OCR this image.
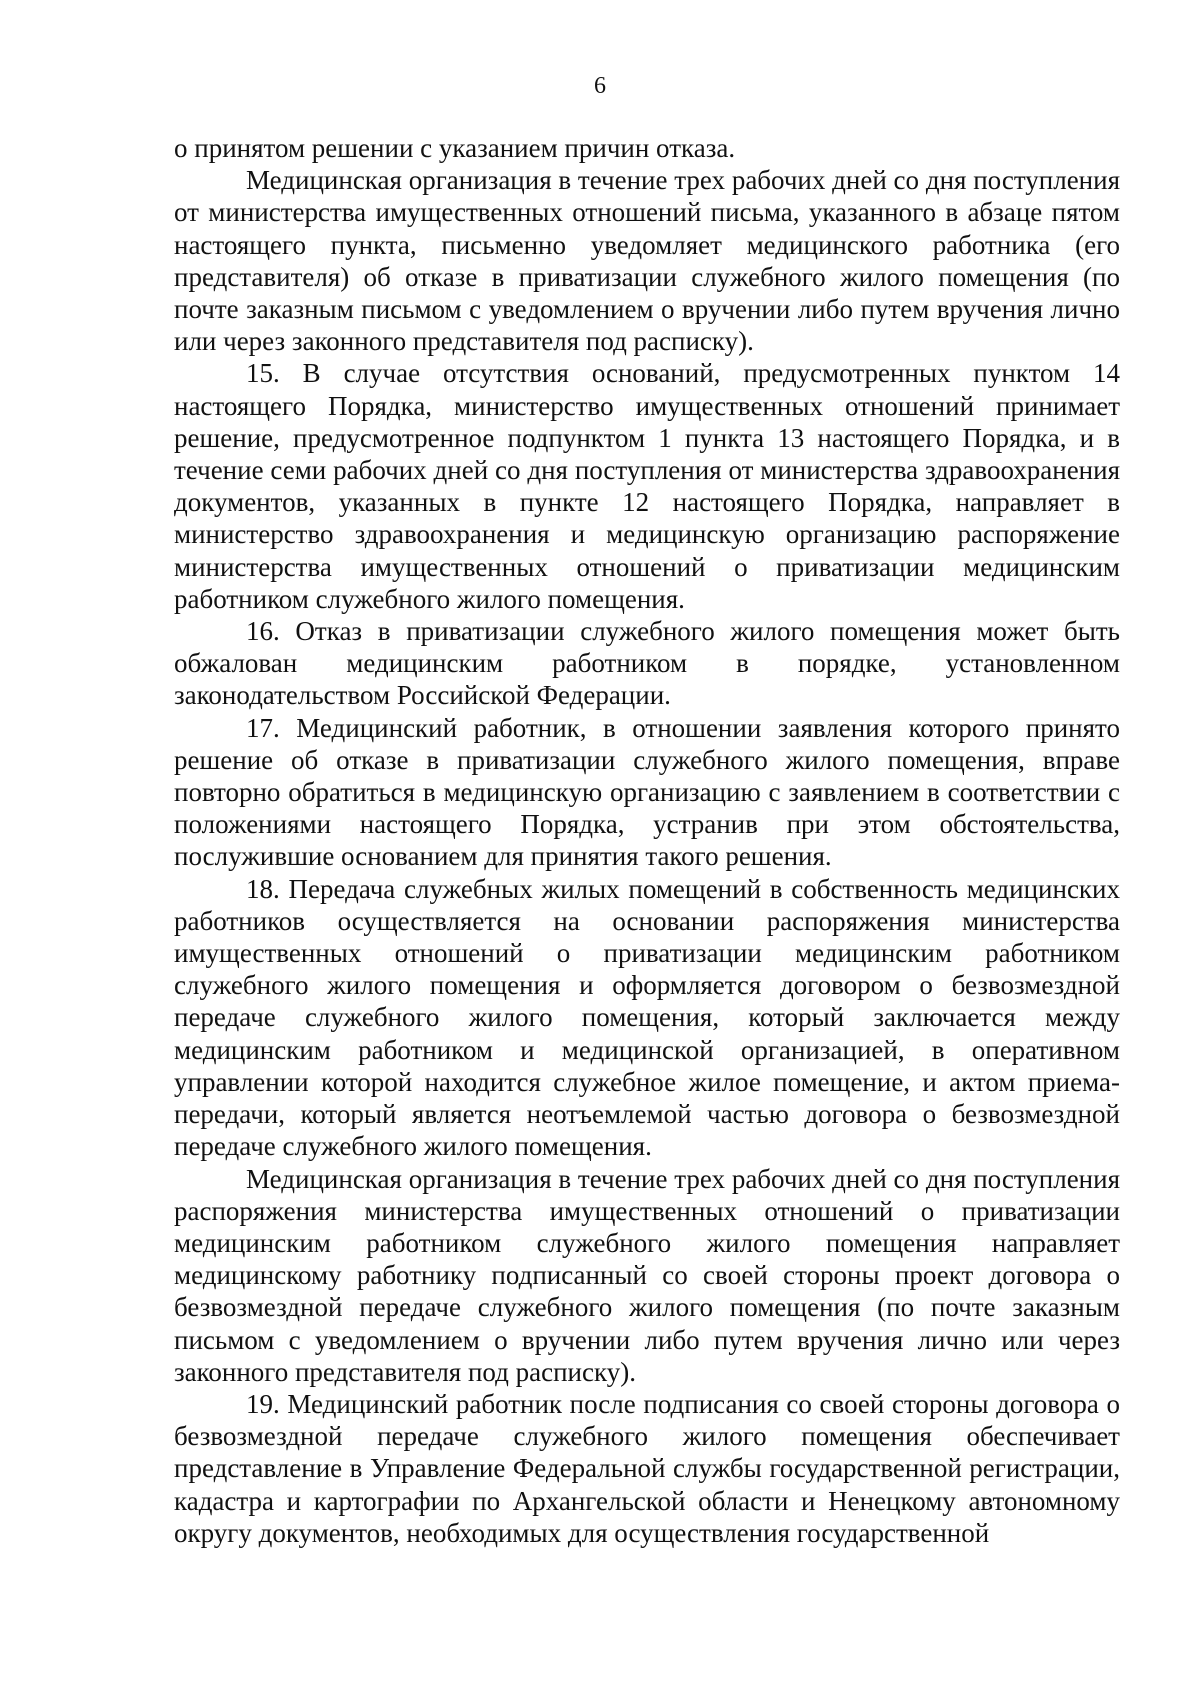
6

о принятом решении с указанием причин отказа.

Медицинская организация в течение трех рабочих дней со дня поступления от министерства имущественных отношений письма, указанного в абзаце пятом настоящего пункта, письменно уведомляет медицинского работника (его представителя) об отказе в приватизации служебного жилого помещения (по почте заказным письмом с уведомлением о вручении либо путем вручения лично или через законного представителя под расписку).

15. В случае отсутствия оснований, предусмотренных пунктом 14 настоящего Порядка, министерство имущественных отношений принимает решение, предусмотренное подпунктом 1 пункта 13 настоящего Порядка, и в течение семи рабочих дней со дня поступления от министерства здравоохранения документов, указанных в пункте 12 настоящего Порядка, направляет в министерство здравоохранения и медицинскую организацию распоряжение министерства имущественных отношений о приватизации медицинским работником служебного жилого помещения.

16. Отказ в приватизации служебного жилого помещения может быть обжалован медицинским работником в порядке, установленном законодательством Российской Федерации.

17. Медицинский работник, в отношении заявления которого принято решение об отказе в приватизации служебного жилого помещения, вправе повторно обратиться в медицинскую организацию с заявлением в соответствии с положениями настоящего Порядка, устранив при этом обстоятельства, послужившие основанием для принятия такого решения.

18. Передача служебных жилых помещений в собственность медицинских работников осуществляется на основании распоряжения министерства имущественных отношений о приватизации медицинским работником служебного жилого помещения и оформляется договором о безвозмездной передаче служебного жилого помещения, который заключается между медицинским работником и медицинской организацией, в оперативном управлении которой находится служебное жилое помещение, и актом приема-передачи, который является неотъемлемой частью договора о безвозмездной передаче служебного жилого помещения.

Медицинская организация в течение трех рабочих дней со дня поступления распоряжения министерства имущественных отношений о приватизации медицинским работником служебного жилого помещения направляет медицинскому работнику подписанный со своей стороны проект договора о безвозмездной передаче служебного жилого помещения (по почте заказным письмом с уведомлением о вручении либо путем вручения лично или через законного представителя под расписку).

19. Медицинский работник после подписания со своей стороны договора о безвозмездной передаче служебного жилого помещения обеспечивает представление в Управление Федеральной службы государственной регистрации, кадастра и картографии по Архангельской области и Ненецкому автономному округу документов, необходимых для осуществления государственной
